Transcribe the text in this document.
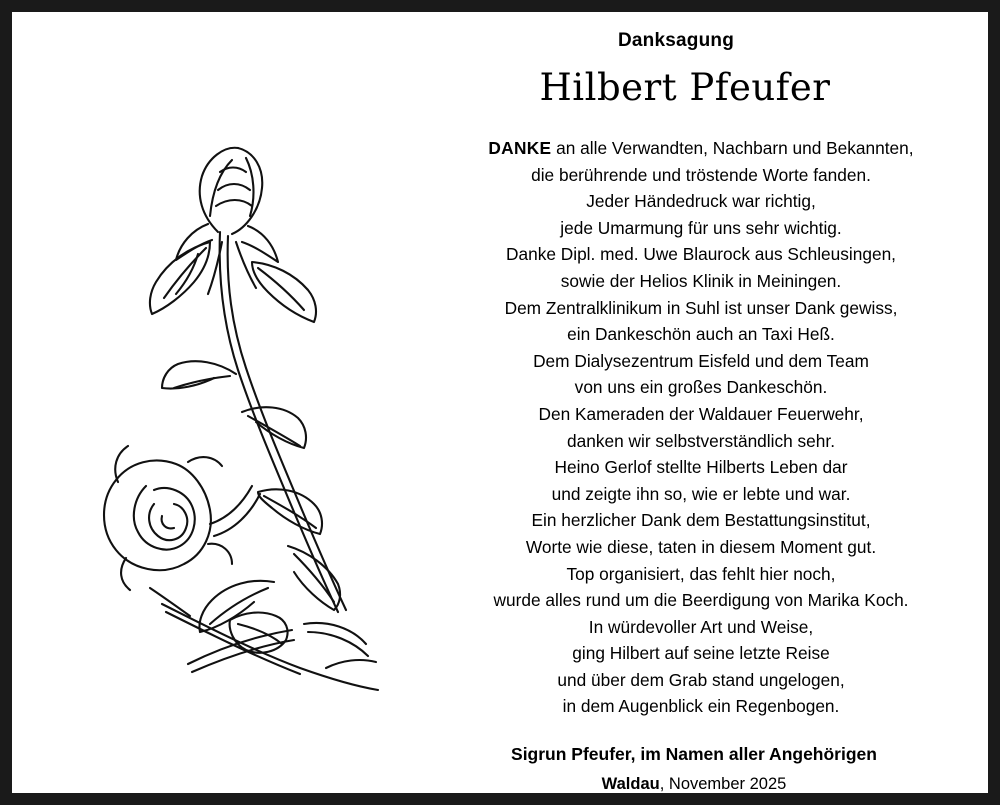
Danksagung
Hilbert Pfeufer
DANKE an alle Verwandten, Nachbarn und Bekannten,
die berührende und tröstende Worte fanden.
Jeder Händedruck war richtig,
jede Umarmung für uns sehr wichtig.
Danke Dipl. med. Uwe Blaurock aus Schleusingen,
sowie der Helios Klinik in Meiningen.
Dem Zentralklinikum in Suhl ist unser Dank gewiss,
ein Dankeschön auch an Taxi Heß.
Dem Dialysezentrum Eisfeld und dem Team
von uns ein großes Dankeschön.
Den Kameraden der Waldauer Feuerwehr,
danken wir selbstverständlich sehr.
Heino Gerlof stellte Hilberts Leben dar
und zeigte ihn so, wie er lebte und war.
Ein herzlicher Dank dem Bestattungsinstitut,
Worte wie diese, taten in diesem Moment gut.
Top organisiert, das fehlt hier noch,
wurde alles rund um die Beerdigung von Marika Koch.
In würdevoller Art und Weise,
ging Hilbert auf seine letzte Reise
und über dem Grab stand ungelogen,
in dem Augenblick ein Regenbogen.
Sigrun Pfeufer, im Namen aller Angehörigen
Waldau, November 2025
